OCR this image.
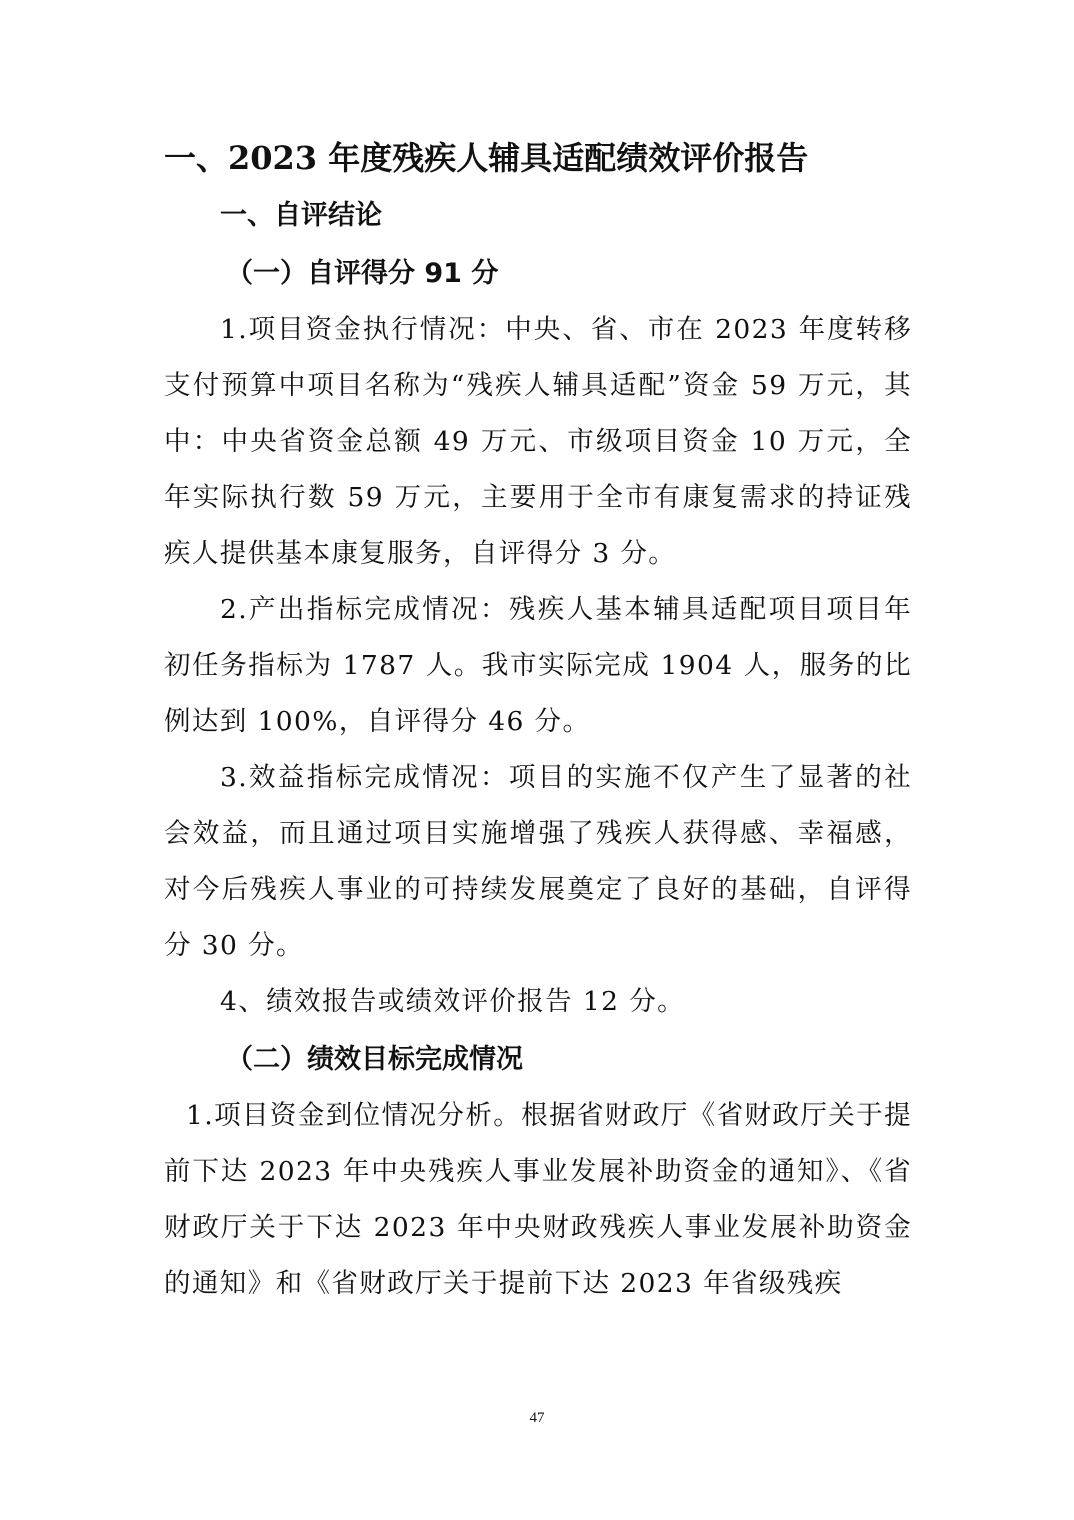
一、2023 年度残疾人辅具适配绩效评价报告
一、自评结论
（一）自评得分 91 分

1.项目资金执行情况：中央、省、市在 2023 年度转移支付预算中项目名称为“残疾人辅具适配”资金 59 万元，其中：中央省资金总额 49 万元、市级项目资金 10 万元，全年实际执行数 59 万元，主要用于全市有康复需求的持证残疾人提供基本康复服务，自评得分 3 分。

2.产出指标完成情况：残疾人基本辅具适配项目项目年初任务指标为 1787 人。我市实际完成 1904 人，服务的比例达到 100%，自评得分 46 分。

3.效益指标完成情况：项目的实施不仅产生了显著的社会效益，而且通过项目实施增强了残疾人获得感、幸福感，对今后残疾人事业的可持续发展奠定了良好的基础，自评得分 30 分。

4、绩效报告或绩效评价报告 12 分。

（二）绩效目标完成情况

1.项目资金到位情况分析。根据省财政厅《省财政厅关于提前下达 2023 年中央残疾人事业发展补助资金的通知》、《省财政厅关于下达 2023 年中央财政残疾人事业发展补助资金的通知》和《省财政厅关于提前下达 2023 年省级残疾

47
